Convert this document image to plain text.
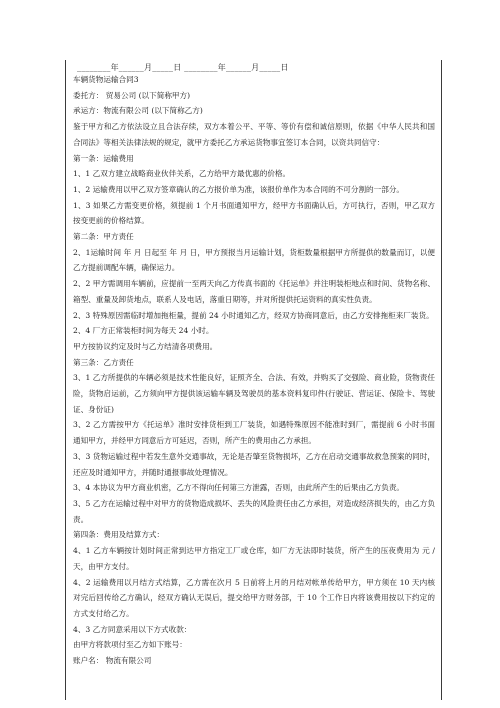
________年______月_____日 ________年______月_____日

车辆货物运输合同3

委托方： 贸易公司 (以下简称甲方)

承运方：物流有限公司 (以下简称乙方)

鉴于甲方和乙方依法设立且合法存续，双方本着公平、平等、等价有偿和诚信原则，依据《中华人民共和国合同法》等相关法律法规的规定，就甲方委托乙方承运货物事宜签订本合同，以资共同信守：

第一条：运输费用

1、1 乙双方建立战略商业伙伴关系，乙方给甲方最优惠的价格。

1、2 运输费用以甲乙双方签章确认的乙方报价单为准，该报价单作为本合同的不可分割的一部分。

1、3 如果乙方需变更价格，须提前 1 个月书面通知甲方，经甲方书面确认后，方可执行，否则，甲乙双方按变更前的价格结算。

第二条：甲方责任

2、1运输时间 年 月 日起至 年 月 日，甲方预报当月运输计划，货柜数量根据甲方所提供的数量而订，以便乙方提前调配车辆，确保运力。

2、2 甲方需调用车辆前，应提前一至两天向乙方传真书面的《托运单》并注明装柜地点和时间、货物名称、箱型、重量及卸货地点，联系人及电话，落重日期等，并对所提供托运资料的真实性负责。

2、3 特殊原因需临时增加拖柜量，提前 24 小时通知乙方，经双方协商同意后，由乙方安排拖柜来厂装货。

2、4 厂方正常装柜时间为每天 24 小时。

甲方按协议约定及时与乙方结清各项费用。

第三条：乙方责任

3、1 乙方所提供的车辆必须是技术性能良好，证照齐全、合法、有效，并购买了交强险、商业险，货物责任险，货物启运前，乙方须向甲方提供该运输车辆及驾驶员的基本资料复印件(行驶证、营运证、保险卡、驾驶证、身份证)

3、2 乙方需按甲方《托运单》准时安排货柜到工厂装货，如遇特殊原因不能准时到厂，需提前 6 小时书面通知甲方，并经甲方同意后方可延迟，否则，所产生的费用由乙方承担。

3、3 货物运输过程中若发生意外交通事故，无论是否肇至货物损坏，乙方在启动交通事故救急预案的同时，还应及时通知甲方，并随时通报事故处理情况。

3、4 本协议为甲方商业机密，乙方不得向任何第三方泄露，否则，由此所产生的后果由乙方负责。

3、5 乙方在运输过程中对甲方的货物造成损坏、丢失的风险责任由乙方承担，对造成经济损失的，由乙方负责。

第四条：费用及结算方式：

4、1 乙方车辆按计划时间正常到达甲方指定工厂或仓库，如厂方无法即时装货，所产生的压夜费用为 元 /天，由甲方支付。

4、2 运输费用以月结方式结算，乙方需在次月 5 日前将上月的月结对帐单传给甲方，甲方须在 10 天内核对完后回传给乙方确认，经双方确认无误后，提交给甲方财务部，于 10 个工作日内将该费用按以下约定的方式支付给乙方。

4、3 乙方同意采用以下方式收款：

由甲方将款项付至乙方如下账号：

账户名： 物流有限公司
